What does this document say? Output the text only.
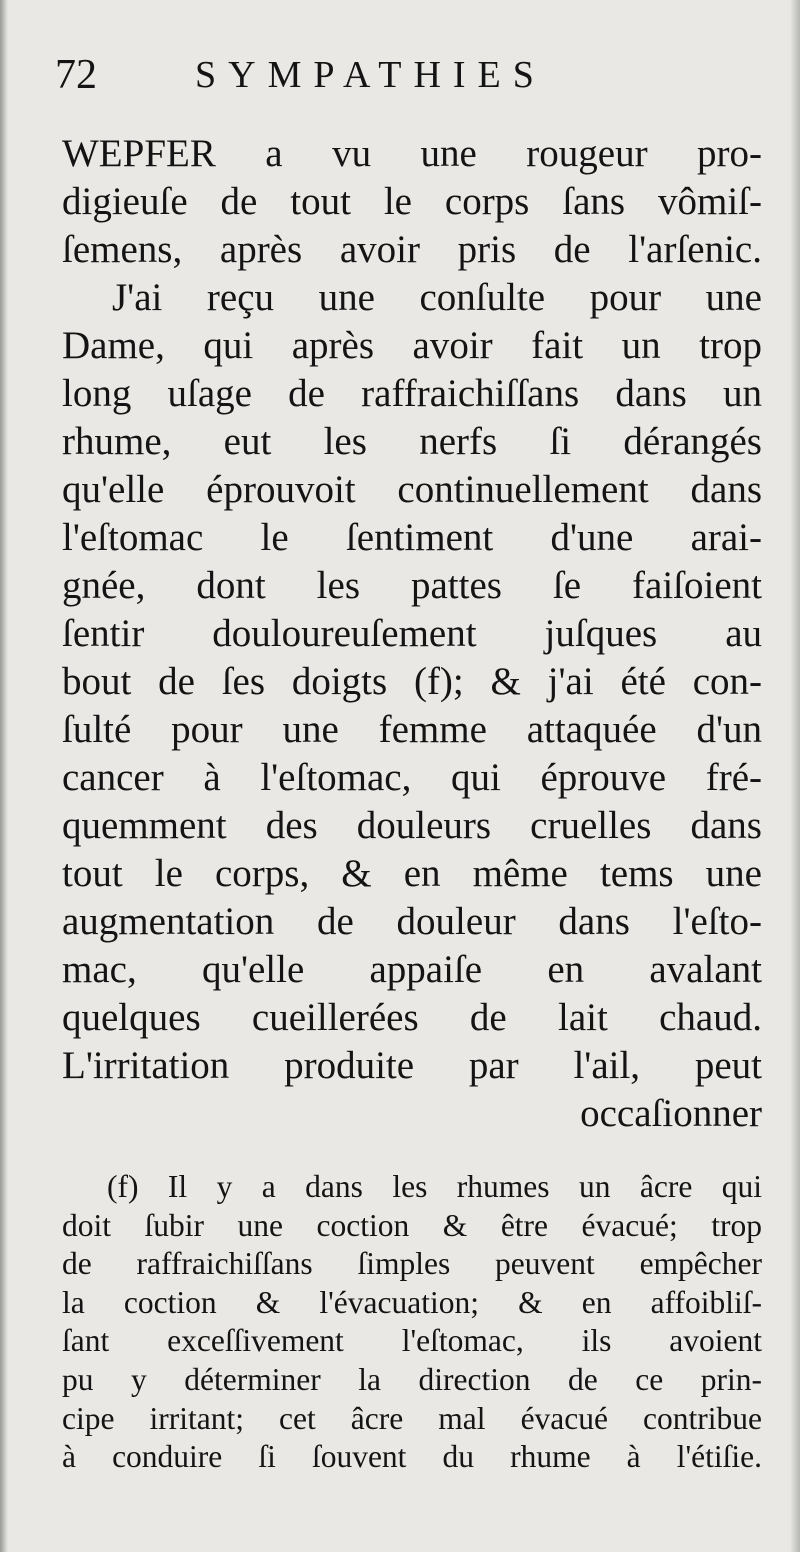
72	SYMPATHIES
WEPFER a vu une rougeur pro-
digieuſe de tout le corps ſans vômiſ-
ſemens, après avoir pris de l'arſenic.
J'ai reçu une conſulte pour une
Dame, qui après avoir fait un trop
long uſage de raffraichiſſans dans un
rhume, eut les nerfs ſi dérangés
qu'elle éprouvoit continuellement dans
l'eſtomac le ſentiment d'une arai-
gnée, dont les pattes ſe faiſoient
ſentir douloureuſement juſques au
bout de ſes doigts (f); & j'ai été con-
ſulté pour une femme attaquée d'un
cancer à l'eſtomac, qui éprouve fré-
quemment des douleurs cruelles dans
tout le corps, & en même tems une
augmentation de douleur dans l'eſto-
mac, qu'elle appaiſe en avalant
quelques cueillerées de lait chaud.
L'irritation produite par l'ail, peut
occaſionner
(f) Il y a dans les rhumes un âcre qui
doit ſubir une coction & être évacué; trop
de raffraichiſſans ſimples peuvent empêcher
la coction & l'évacuation; & en affoibliſ-
ſant exceſſivement l'eſtomac, ils avoient
pu y déterminer la direction de ce prin-
cipe irritant; cet âcre mal évacué contribue
à conduire ſi ſouvent du rhume à l'étiſie.
